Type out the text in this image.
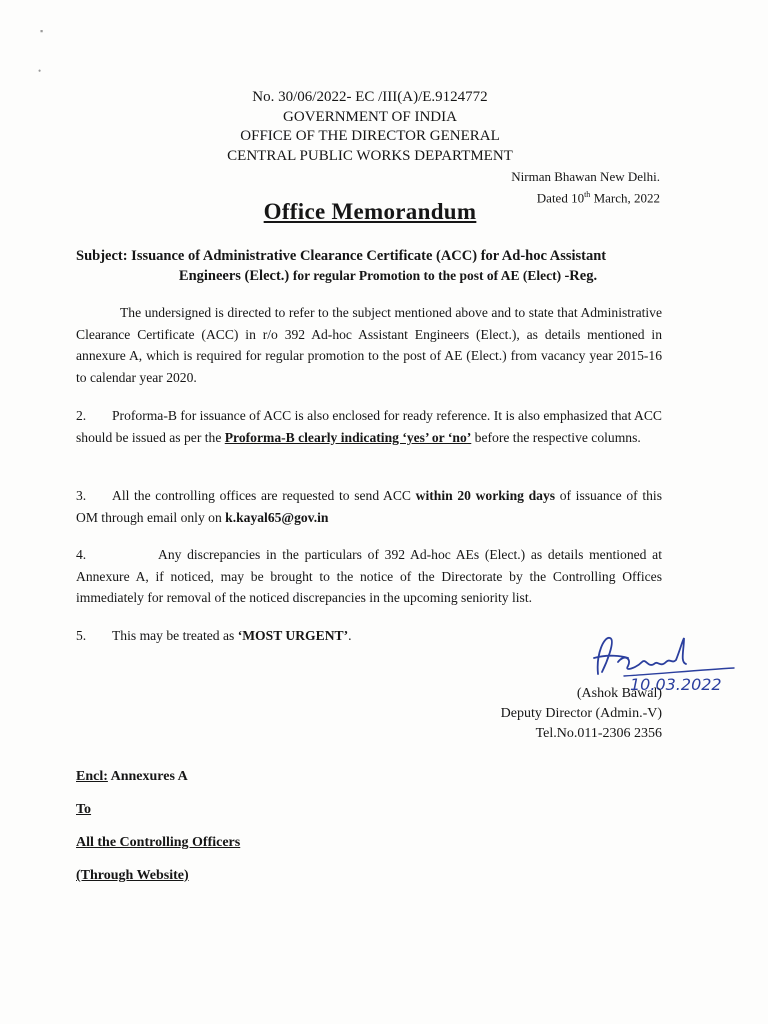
▪
•
No. 30/06/2022- EC /III(A)/E.9124772
GOVERNMENT OF INDIA
OFFICE OF THE DIRECTOR GENERAL
CENTRAL PUBLIC WORKS DEPARTMENT
Nirman Bhawan New Delhi.
Dated 10th March, 2022
Office Memorandum
Subject: Issuance of Administrative Clearance Certificate (ACC) for Ad-hoc Assistant
Engineers (Elect.) for regular Promotion to the post of AE (Elect) -Reg.
The undersigned is directed to refer to the subject mentioned above and to state that Administrative Clearance Certificate (ACC) in r/o 392 Ad-hoc Assistant Engineers (Elect.), as details mentioned in annexure A, which is required for regular promotion to the post of AE (Elect.) from vacancy year 2015-16 to calendar year 2020.
2. Proforma-B for issuance of ACC is also enclosed for ready reference. It is also emphasized that ACC should be issued as per the Proforma-B clearly indicating ‘yes’ or ‘no’ before the respective columns.
3. All the controlling offices are requested to send ACC within 20 working days of issuance of this OM through email only on k.kayal65@gov.in
4.	Any discrepancies in the particulars of 392 Ad-hoc AEs (Elect.) as details mentioned at Annexure A, if noticed, may be brought to the notice of the Directorate by the Controlling Offices immediately for removal of the noticed discrepancies in the upcoming seniority list.
5. This may be treated as ‘MOST URGENT’.
10.03.2022
(Ashok Bawal)
Deputy Director (Admin.-V)
Tel.No.011-2306 2356
Encl: Annexures A
To
All the Controlling Officers
(Through Website)
